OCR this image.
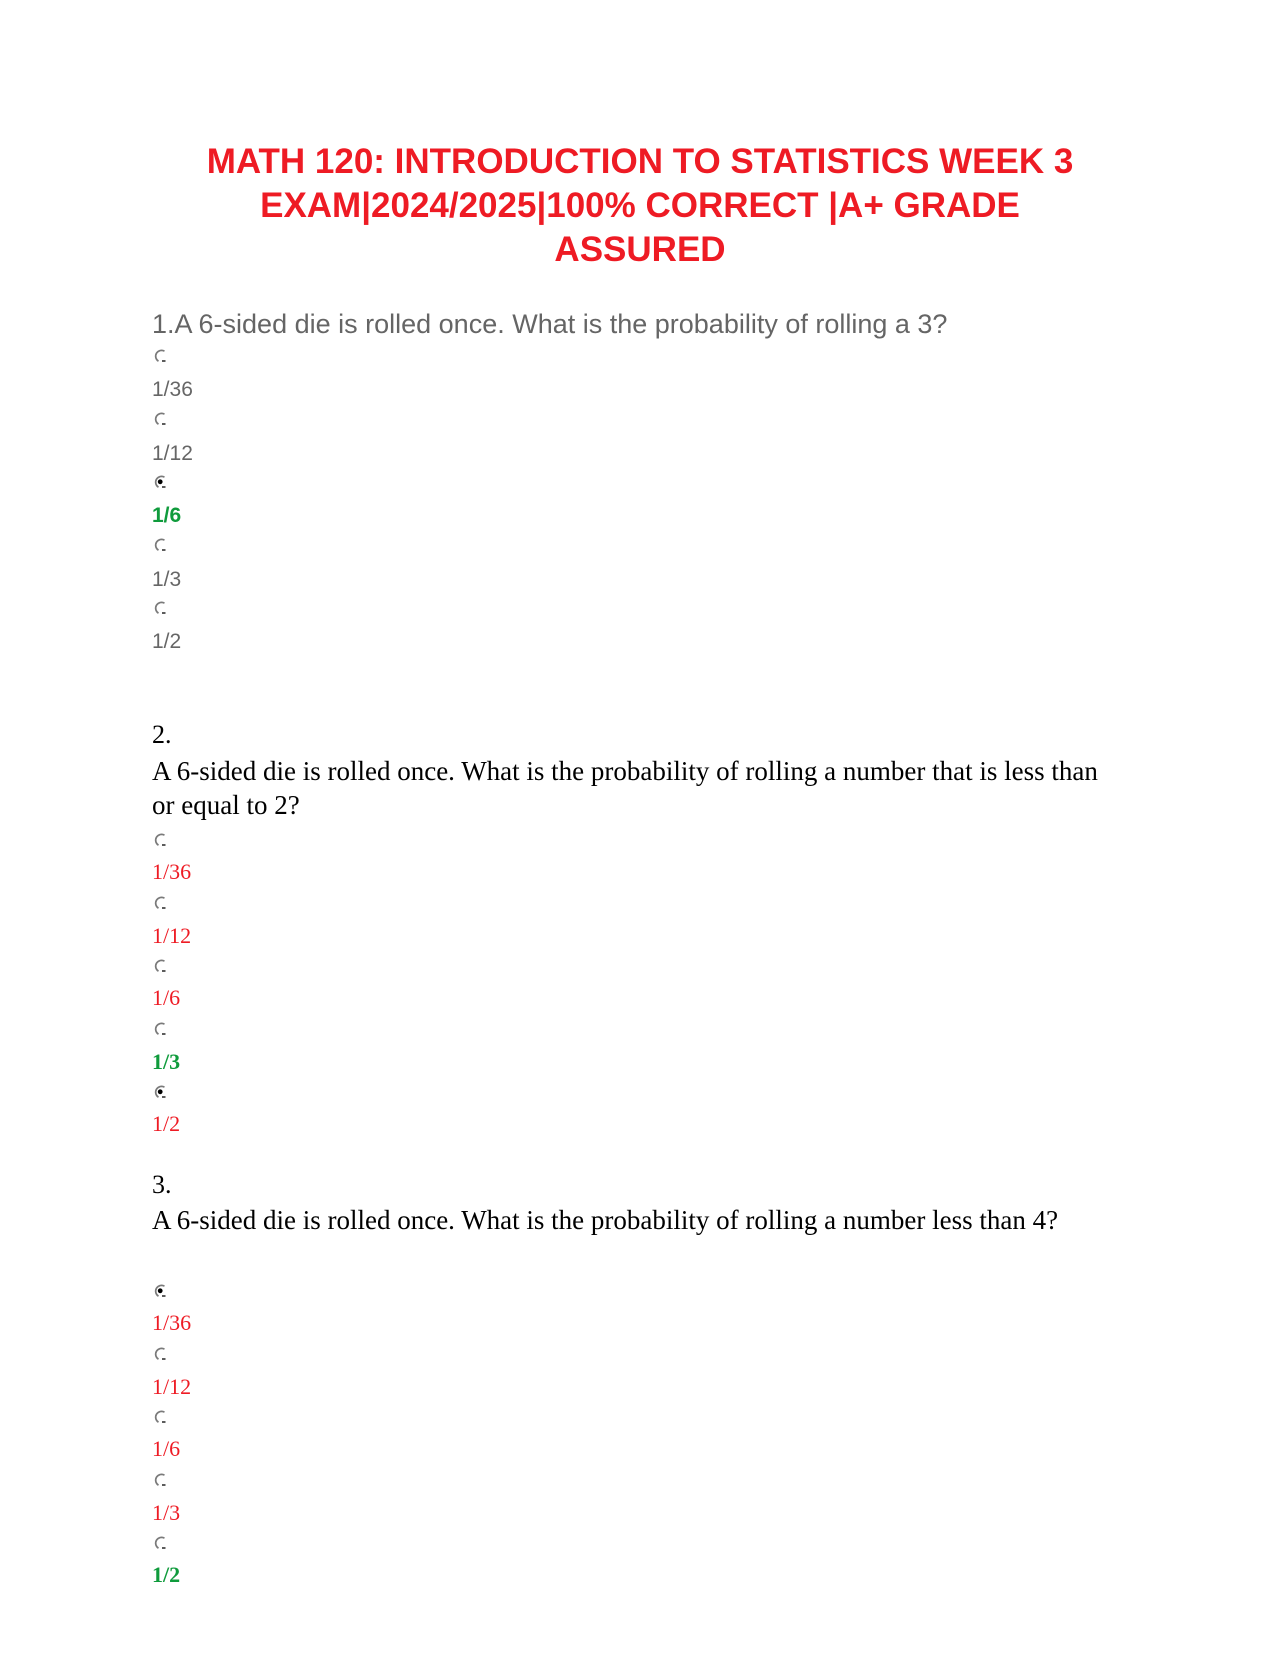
MATH 120: INTRODUCTION TO STATISTICS WEEK 3
EXAM|2024/2025|100% CORRECT |A+ GRADE
ASSURED

1.A 6-sided die is rolled once. What is the probability of rolling a 3?

1/36
1/12
1/6
1/3
1/2

2.

A 6-sided die is rolled once. What is the probability of rolling a number that is less than or equal to 2?

1/36
1/12
1/6
1/3
1/2

3.

A 6-sided die is rolled once. What is the probability of rolling a number less than 4?

1/36
1/12
1/6
1/3
1/2
